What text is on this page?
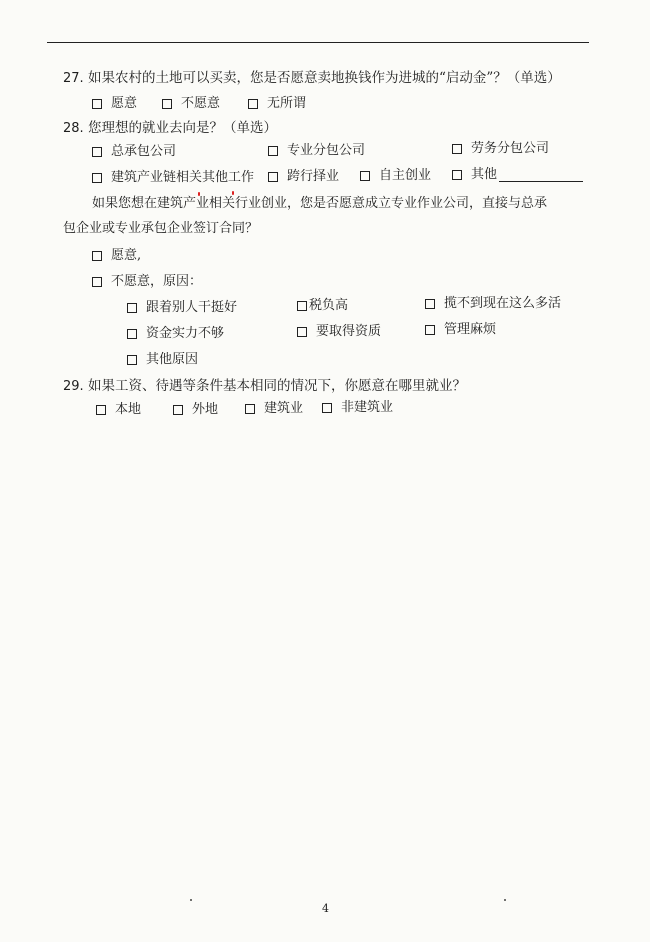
27. 如果农村的土地可以买卖，您是否愿意卖地换钱作为进城的“启动金”？（单选）
愿意	不愿意	无所谓
28. 您理想的就业去向是？（单选）
总承包公司	专业分包公司	劳务分包公司
建筑产业链相关其他工作	跨行择业	自主创业	其他
如果您想在建筑产业相关行业创业，您是否愿意成立专业作业公司，直接与总承
包企业或专业承包企业签订合同？
愿意,
不愿意，原因：
跟着别人干挺好	税负高	揽不到现在这么多活
资金实力不够	要取得资质	管理麻烦
其他原因
29. 如果工资、待遇等条件基本相同的情况下，你愿意在哪里就业？
本地	外地	建筑业	非建筑业
4
